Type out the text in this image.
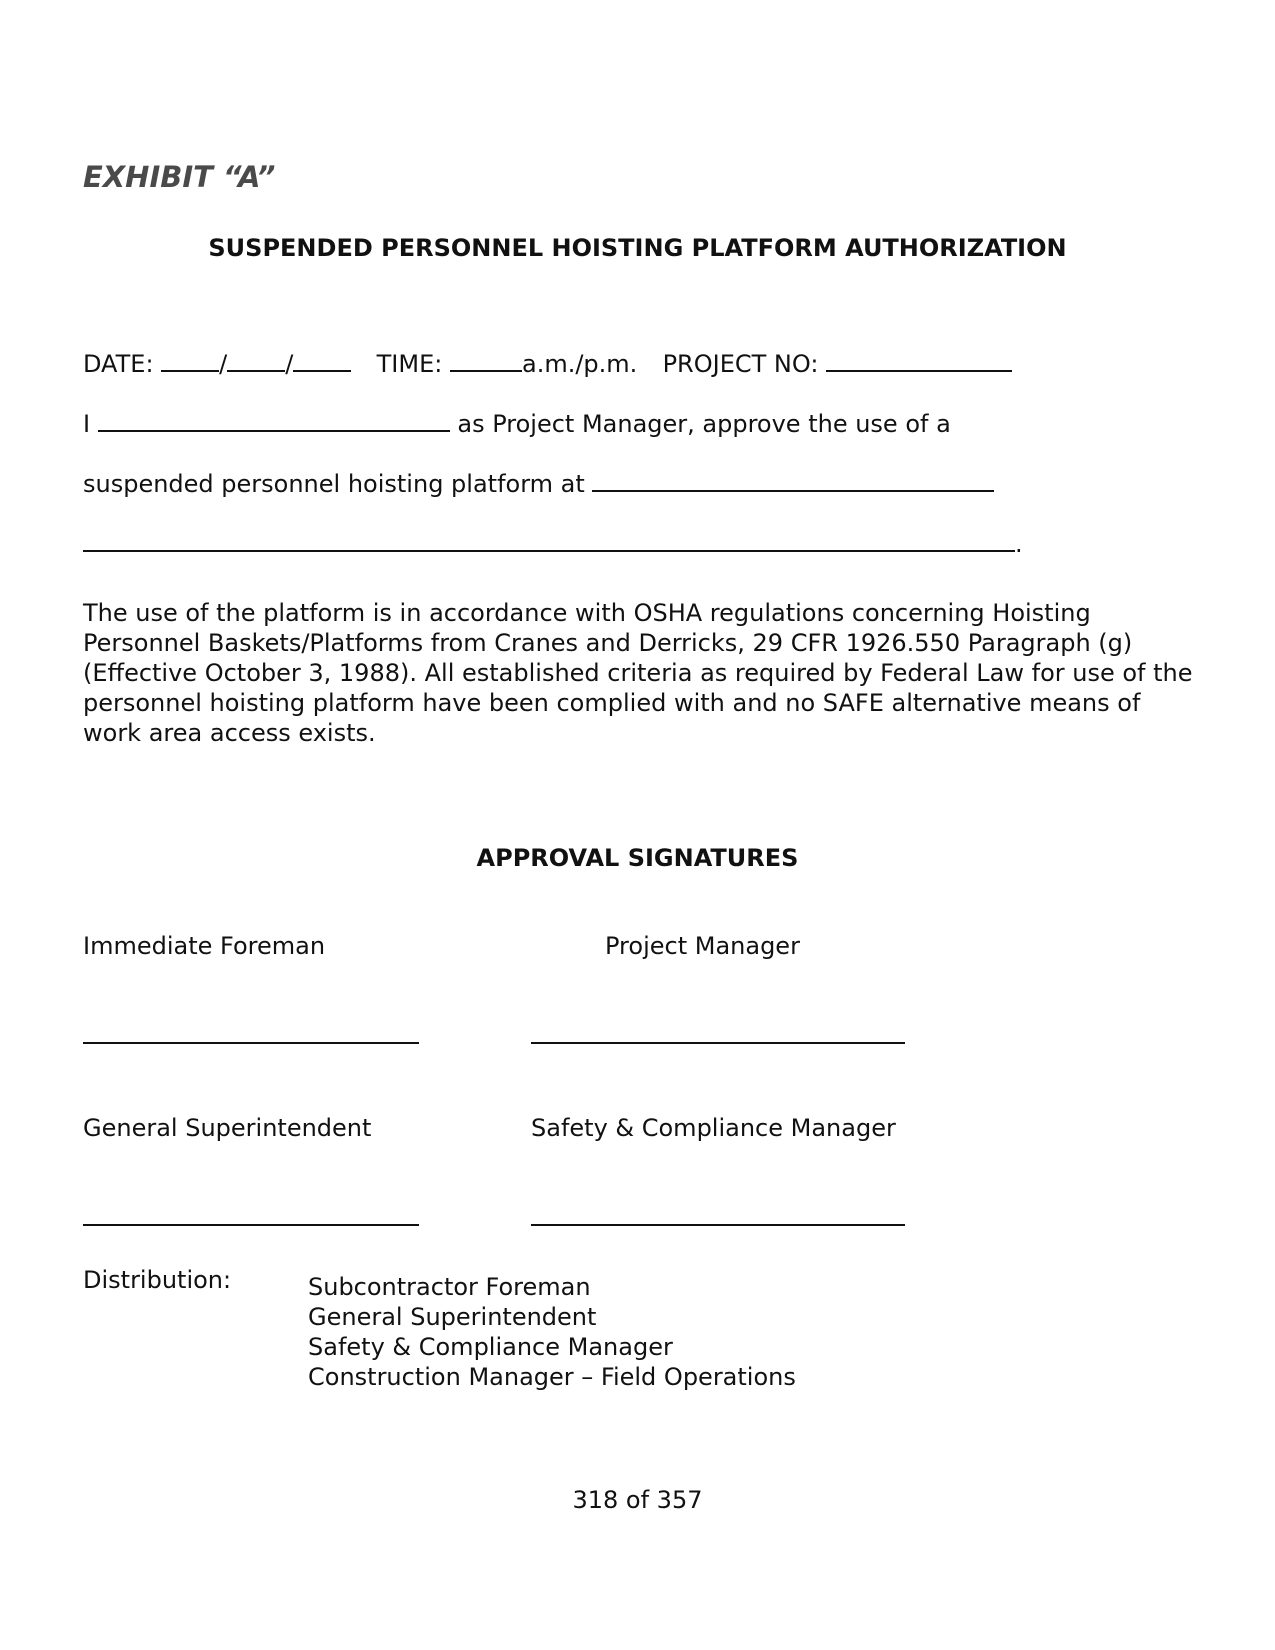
EXHIBIT “A”
SUSPENDED PERSONNEL HOISTING PLATFORM AUTHORIZATION
DATE:	/ /	TIME:	a.m./p.m. PROJECT NO:
I	as Project Manager, approve the use of a
suspended personnel hoisting platform at
.
The use of the platform is in accordance with OSHA regulations concerning Hoisting Personnel Baskets/Platforms from Cranes and Derricks, 29 CFR 1926.550 Paragraph (g) (Effective October 3, 1988). All established criteria as required by Federal Law for use of the personnel hoisting platform have been complied with and no SAFE alternative means of work area access exists.
APPROVAL SIGNATURES
Immediate Foreman	Project Manager
General Superintendent	Safety & Compliance Manager
Distribution:	Subcontractor Foreman
General Superintendent
Safety & Compliance Manager
Construction Manager – Field Operations
318 of 357
